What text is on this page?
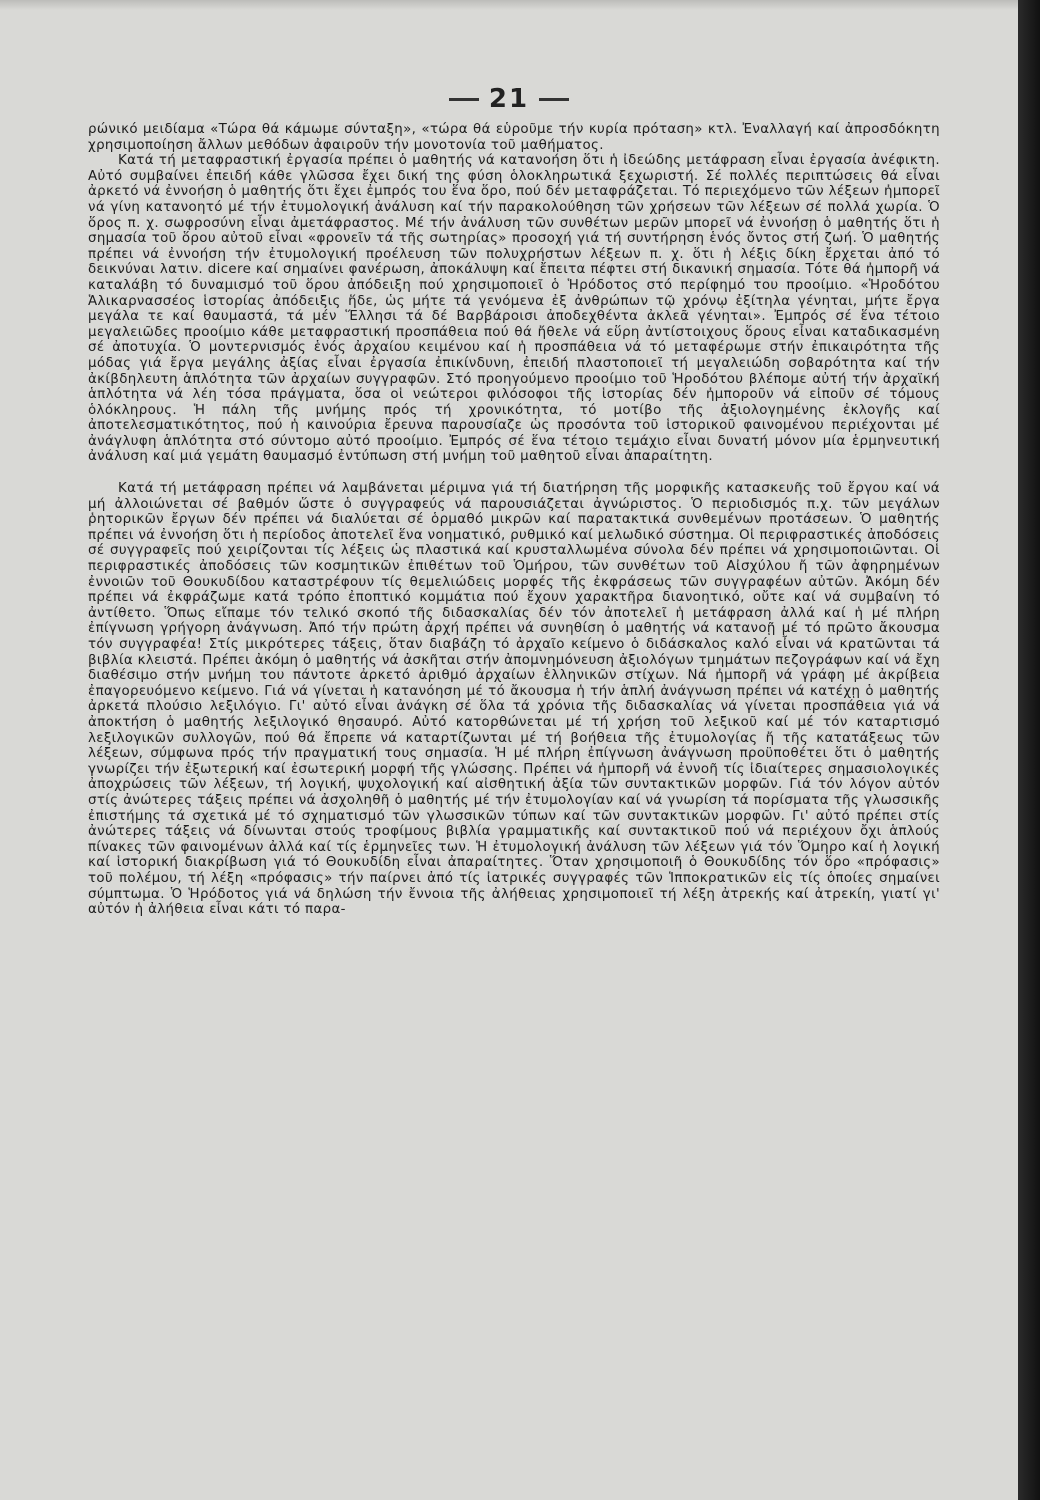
21

ρώνικό μειδίαμα «Τώρα θά κάμωμε σύνταξη», «τώρα θά εὑροῦμε τήν κυρία πρόταση» κτλ. Ἐναλλαγή καί ἀπροσδόκητη χρησιμοποίηση ἄλλων μεθόδων ἀφαιροῦν τήν μονοτονία τοῦ μαθήματος.

Κατά τή μεταφραστική ἐργασία πρέπει ὁ μαθητής νά κατανοήση ὅτι ἡ ἰδεώδης μετάφραση εἶναι ἐργασία ἀνέφικτη. Αὐτό συμβαίνει ἐπειδή κάθε γλῶσσα ἔχει δική της φύση ὁλοκληρωτικά ξεχωριστή. Σέ πολλές περιπτώσεις θά εἶναι ἀρκετό νά ἐννοήση ὁ μαθητής ὅτι ἔχει ἐμπρός του ἕνα ὅρο, πού δέν μεταφράζεται. Τό περιεχόμενο τῶν λέξεων ἠμπορεῖ νά γίνη κατανοητό μέ τήν ἐτυμολογική ἀνάλυση καί τήν παρακολούθηση τῶν χρήσεων τῶν λέξεων σέ πολλά χωρία. Ὁ ὅρος π. χ. σωφροσύνη εἶναι ἀμετάφραστος. Μέ τήν ἀνάλυση τῶν συνθέτων μερῶν μπορεῖ νά ἐννοήσῃ ὁ μαθητής ὅτι ἡ σημασία τοῦ ὅρου αὐτοῦ εἶναι «φρονεῖν τά τῆς σωτηρίας» προσοχή γιά τή συντήρηση ἑνός ὄντος στή ζωή. Ὁ μαθητής πρέπει νά ἐννοήση τήν ἐτυμολογική προέλευση τῶν πολυχρήστων λέξεων π. χ. ὅτι ἡ λέξις δίκη ἔρχεται ἀπό τό δεικνύναι λατιν. dicere καί σημαίνει φανέρωση, ἀποκάλυψη καί ἔπειτα πέφτει στή δικανική σημασία. Τότε θά ἠμπορῆ νά καταλάβη τό δυναμισμό τοῦ ὅρου ἀπόδειξη πού χρησιμοποιεῖ ὁ Ἡρόδοτος στό περίφημό του προοίμιο. «Ἡροδότου Ἁλικαρνασσέος ἱστορίας ἀπόδειξις ἥδε, ὡς μήτε τά γενόμενα ἐξ ἀνθρώπων τῷ χρόνῳ ἐξίτηλα γένηται, μήτε ἔργα μεγάλα τε καί θαυμαστά, τά μέν Ἕλλησι τά δέ Βαρβάροισι ἀποδεχθέντα ἀκλεᾶ γένηται». Ἐμπρός σέ ἕνα τέτοιο μεγαλειῶδες προοίμιο κάθε μεταφραστική προσπάθεια πού θά ἤθελε νά εὕρη ἀντίστοιχους ὅρους εἶναι καταδικασμένη σέ ἀποτυχία. Ὁ μοντερνισμός ἑνός ἀρχαίου κειμένου καί ἡ προσπάθεια νά τό μεταφέρωμε στήν ἐπικαιρότητα τῆς μόδας γιά ἔργα μεγάλης ἀξίας εἶναι ἐργασία ἐπικίνδυνη, ἐπειδή πλαστοποιεῖ τή μεγαλειώδη σοβαρότητα καί τήν ἀκίβδηλευτη ἁπλότητα τῶν ἀρχαίων συγγραφῶν. Στό προηγούμενο προοίμιο τοῦ Ἡροδότου βλέπομε αὐτή τήν ἀρχαϊκή ἁπλότητα νά λέη τόσα πράγματα, ὅσα οἱ νεώτεροι φιλόσοφοι τῆς ἱστορίας δέν ἠμποροῦν νά εἰποῦν σέ τόμους ὁλόκληρους. Ἡ πάλη τῆς μνήμης πρός τή χρονικότητα, τό μοτίβο τῆς ἀξιολογημένης ἐκλογῆς καί ἀποτελεσματικότητος, πού ἡ καινούρια ἔρευνα παρουσίαζε ὡς προσόντα τοῦ ἱστορικοῦ φαινομένου περιέχονται μέ ἀνάγλυφη ἁπλότητα στό σύντομο αὐτό προοίμιο. Ἐμπρός σέ ἕνα τέτοιο τεμάχιο εἶναι δυνατή μόνον μία ἑρμηνευτική ἀνάλυση καί μιά γεμάτη θαυμασμό ἐντύπωση στή μνήμη τοῦ μαθητοῦ εἶναι ἀπαραίτητη.

Κατά τή μετάφραση πρέπει νά λαμβάνεται μέριμνα γιά τή διατήρηση τῆς μορφικῆς κατασκευῆς τοῦ ἔργου καί νά μή ἀλλοιώνεται σέ βαθμόν ὥστε ὁ συγγραφεύς νά παρουσιάζεται ἀγνώριστος. Ὁ περιοδισμός π.χ. τῶν μεγάλων ῥητορικῶν ἔργων δέν πρέπει νά διαλύεται σέ ὁρμαθό μικρῶν καί παρατακτικά συνθεμένων προτάσεων. Ὁ μαθητής πρέπει νά ἐννοήση ὅτι ἡ περίοδος ἀποτελεῖ ἕνα νοηματικό, ρυθμικό καί μελωδικό σύστημα. Οἱ περιφραστικές ἀποδόσεις σέ συγγραφεῖς πού χειρίζονται τίς λέξεις ὡς πλαστικά καί κρυσταλλωμένα σύνολα δέν πρέπει νά χρησιμοποιῶνται. Οἱ περιφραστικές ἀποδόσεις τῶν κοσμητικῶν ἐπιθέτων τοῦ Ὁμήρου, τῶν συνθέτων τοῦ Αἰσχύλου ἤ τῶν ἀφηρημένων ἐννοιῶν τοῦ Θουκυδίδου καταστρέφουν τίς θεμελιώδεις μορφές τῆς ἐκφράσεως τῶν συγγραφέων αὐτῶν. Ἀκόμη δέν πρέπει νά ἐκφράζωμε κατά τρόπο ἐποπτικό κομμάτια πού ἔχουν χαρακτῆρα διανοητικό, οὔτε καί νά συμβαίνη τό ἀντίθετο. Ὅπως εἴπαμε τόν τελικό σκοπό τῆς διδασκαλίας δέν τόν ἀποτελεῖ ἡ μετάφραση ἀλλά καί ἡ μέ πλήρη ἐπίγνωση γρήγορη ἀνάγνωση. Ἀπό τήν πρώτη ἀρχή πρέπει νά συνηθίση ὁ μαθητής νά κατανοῇ μέ τό πρῶτο ἄκουσμα τόν συγγραφέα! Στίς μικρότερες τάξεις, ὅταν διαβάζη τό ἀρχαῖο κείμενο ὁ διδάσκαλος καλό εἶναι νά κρατῶνται τά βιβλία κλειστά. Πρέπει ἀκόμη ὁ μαθητής νά ἀσκῆται στήν ἀπομνημόνευση ἀξιολόγων τμημάτων πεζογράφων καί νά ἔχη διαθέσιμο στήν μνήμη του πάντοτε ἀρκετό ἀριθμό ἀρχαίων ἑλληνικῶν στίχων. Νά ἠμπορῆ νά γράφη μέ ἀκρίβεια ἐπαγορευόμενο κείμενο. Γιά νά γίνεται ἡ κατανόηση μέ τό ἄκουσμα ἡ τήν ἁπλή ἀνάγνωση πρέπει νά κατέχῃ ὁ μαθητής ἀρκετά πλούσιο λεξιλόγιο. Γι' αὐτό εἶναι ἀνάγκη σέ ὅλα τά χρόνια τῆς διδασκαλίας νά γίνεται προσπάθεια γιά νά ἀποκτήση ὁ μαθητής λεξιλογικό θησαυρό. Αὐτό κατορθώνεται μέ τή χρήση τοῦ λεξικοῦ καί μέ τόν καταρτισμό λεξιλογικῶν συλλογῶν, πού θά ἔπρεπε νά καταρτίζωνται μέ τή βοήθεια τῆς ἐτυμολογίας ἤ τῆς κατατάξεως τῶν λέξεων, σύμφωνα πρός τήν πραγματική τους σημασία. Ἡ μέ πλήρη ἐπίγνωση ἀνάγνωση προϋποθέτει ὅτι ὁ μαθητής γνωρίζει τήν ἐξωτερική καί ἐσωτερική μορφή τῆς γλώσσης. Πρέπει νά ἠμπορῆ νά ἐννοῆ τίς ἰδιαίτερες σημασιολογικές ἀποχρώσεις τῶν λέξεων, τή λογική, ψυχολογική καί αἰσθητική ἀξία τῶν συντακτικῶν μορφῶν. Γιά τόν λόγον αὐτόν στίς ἀνώτερες τάξεις πρέπει νά ἀσχοληθῆ ὁ μαθητής μέ τήν ἐτυμολογίαν καί νά γνωρίση τά πορίσματα τῆς γλωσσικῆς ἐπιστήμης τά σχετικά μέ τό σχηματισμό τῶν γλωσσικῶν τύπων καί τῶν συντακτικῶν μορφῶν. Γι' αὐτό πρέπει στίς ἀνώτερες τάξεις νά δίνωνται στούς τροφίμους βιβλία γραμματικῆς καί συντακτικοῦ πού νά περιέχουν ὄχι ἁπλούς πίνακες τῶν φαινομένων ἀλλά καί τίς ἑρμηνεῖες των. Ἡ ἐτυμολογική ἀνάλυση τῶν λέξεων γιά τόν Ὅμηρο καί ἡ λογική καί ἱστορική διακρίβωση γιά τό Θουκυδίδη εἶναι ἀπαραίτητες. Ὅταν χρησιμοποιῆ ὁ Θουκυδίδης τόν ὅρο «πρόφασις» τοῦ πολέμου, τή λέξη «πρόφασις» τήν παίρνει ἀπό τίς ἰατρικές συγγραφές τῶν Ἱπποκρατικῶν εἰς τίς ὁποίες σημαίνει σύμπτωμα. Ὁ Ἡρόδοτος γιά νά δηλώση τήν ἔννοια τῆς ἀλήθειας χρησιμοποιεῖ τή λέξη ἀτρεκής καί ἀτρεκίη, γιατί γι' αὐτόν ἡ ἀλήθεια εἶναι κάτι τό παρα-
